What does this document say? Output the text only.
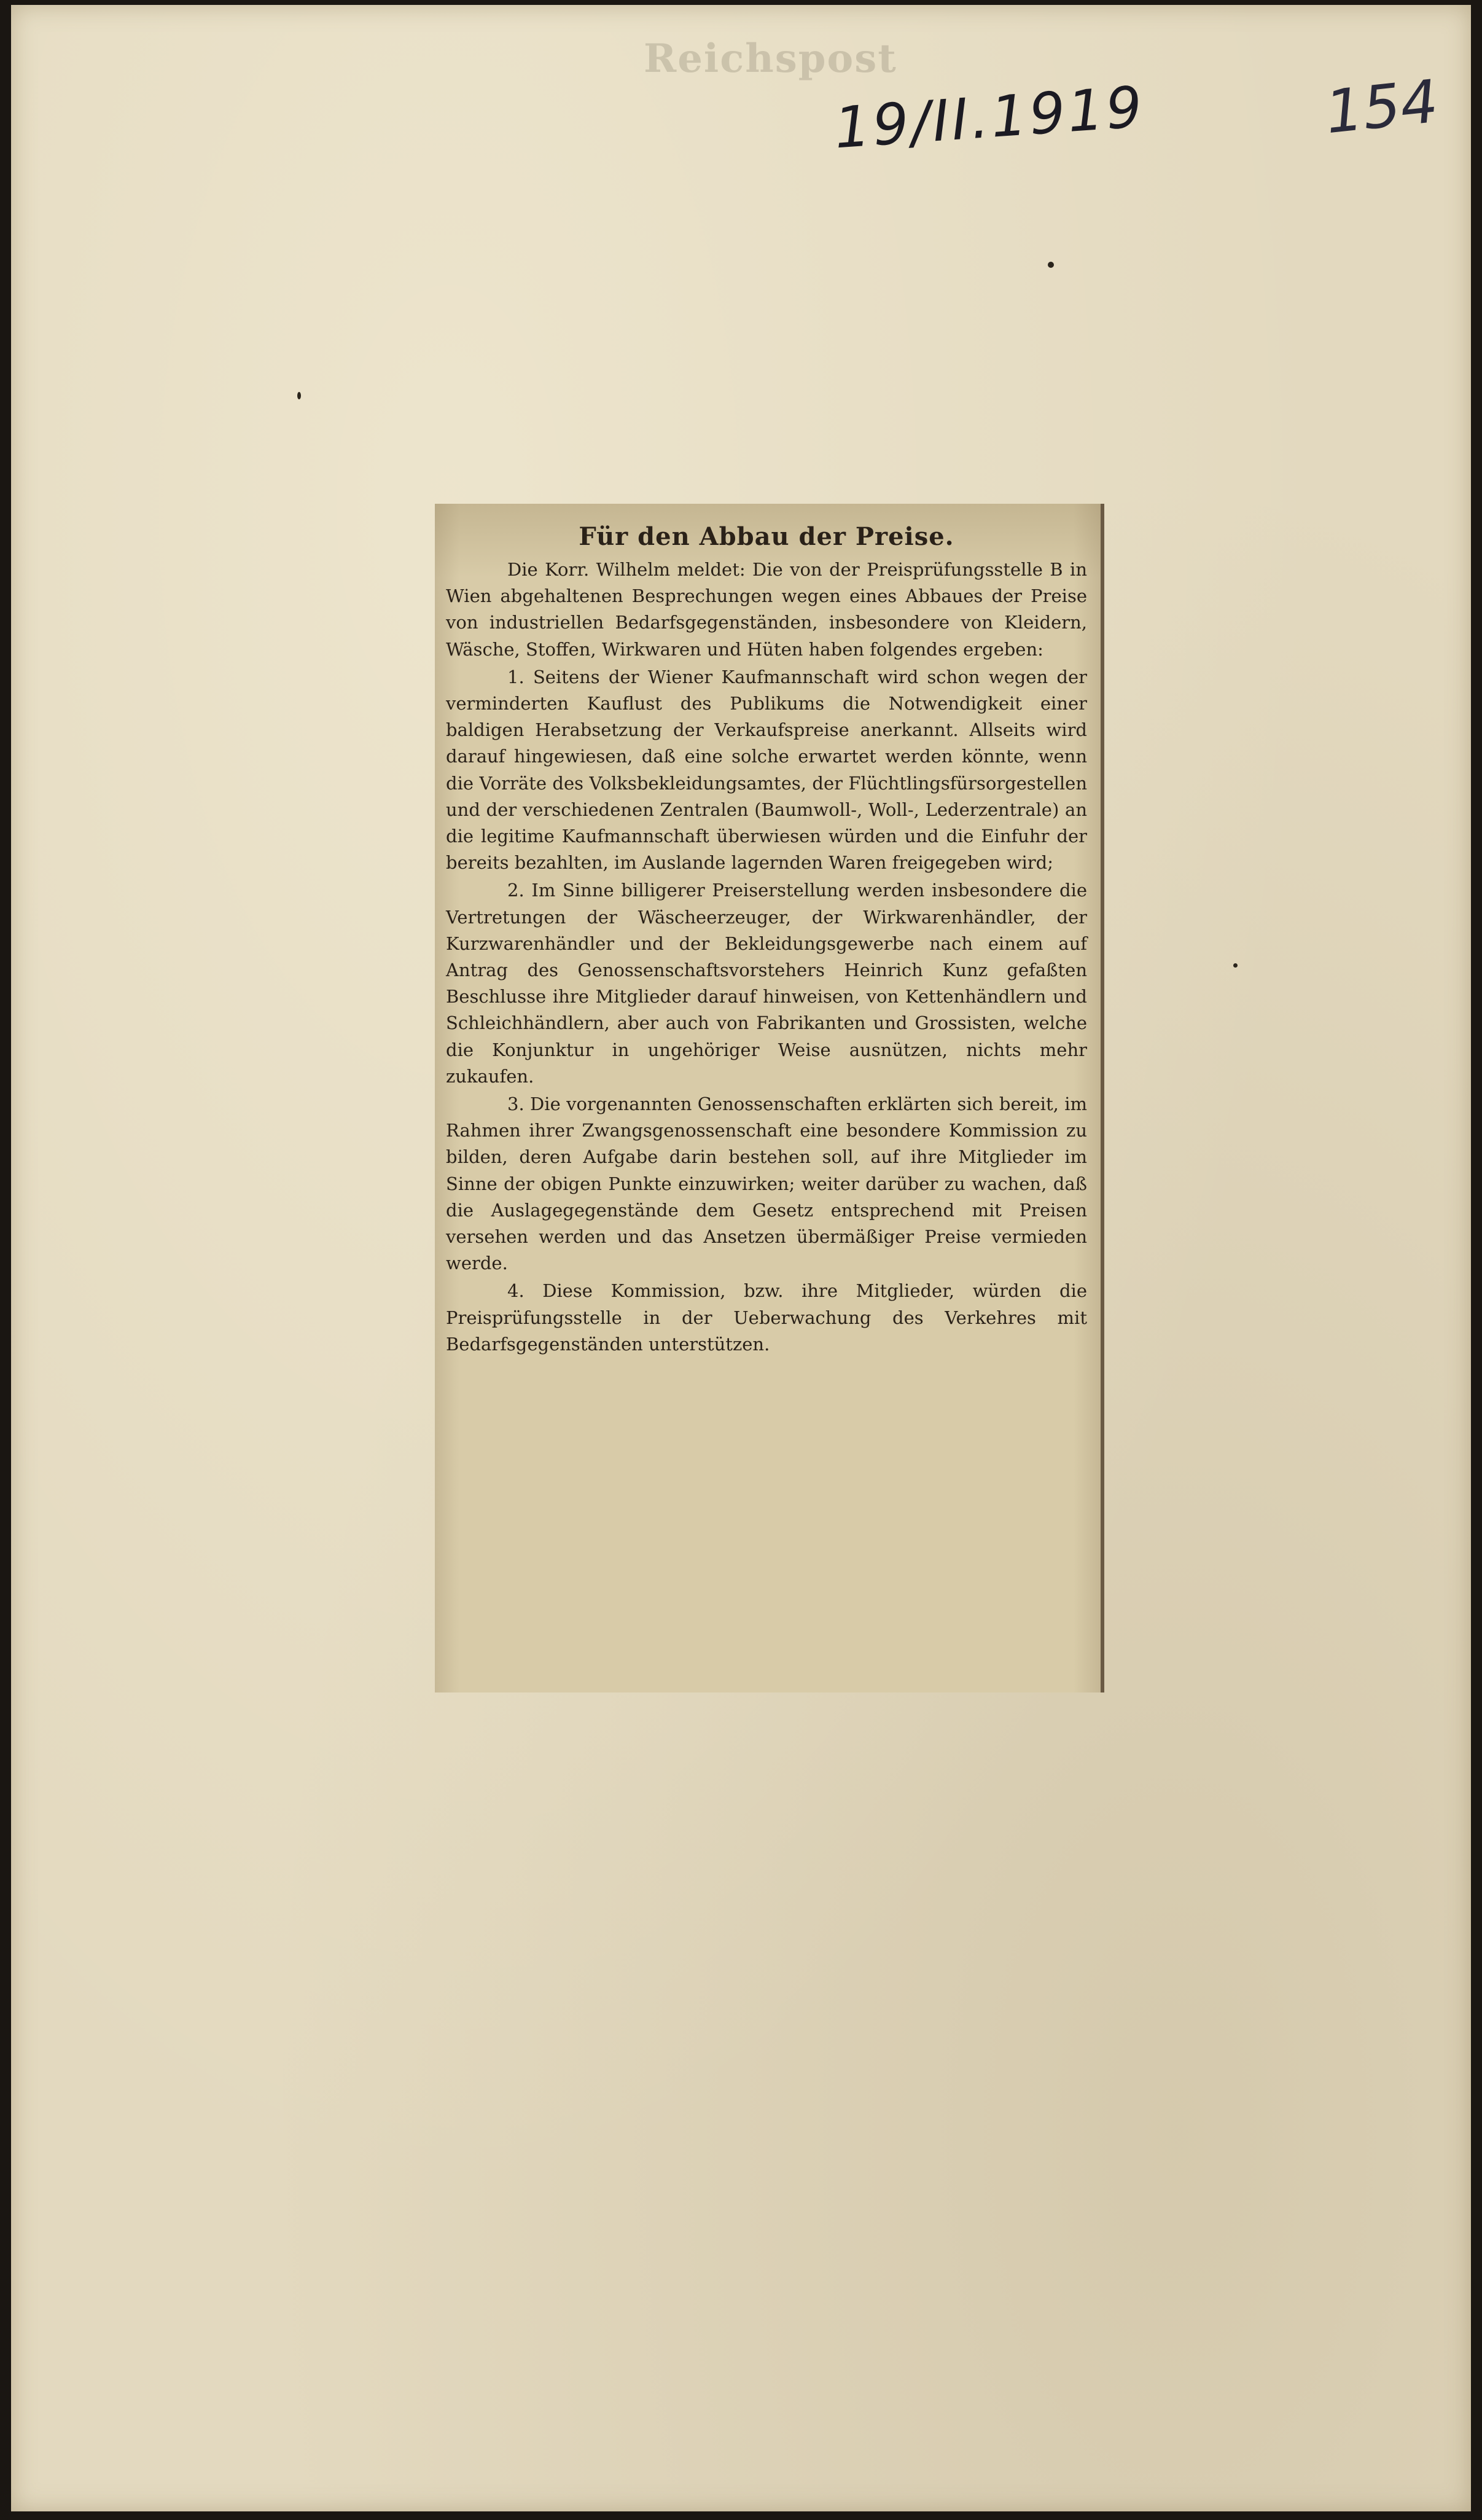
Reichspost
19/II.1919	154
Für den Abbau der Preise.

Die Korr. Wilhelm meldet: Die von der Preisprüfungsstelle B in Wien abgehaltenen Besprechungen wegen eines Abbaues der Preise von industriellen Bedarfsgegenständen, insbesondere von Kleidern, Wäsche, Stoffen, Wirkwaren und Hüten haben folgendes ergeben:

1. Seitens der Wiener Kaufmannschaft wird schon wegen der verminderten Kauflust des Publikums die Notwendigkeit einer baldigen Herabsetzung der Verkaufspreise anerkannt. Allseits wird darauf hingewiesen, daß eine solche erwartet werden könnte, wenn die Vorräte des Volksbekleidungsamtes, der Flüchtlingsfürsorgestellen und der verschiedenen Zentralen (Baumwoll-, Woll-, Lederzentrale) an die legitime Kaufmannschaft überwiesen würden und die Einfuhr der bereits bezahlten, im Auslande lagernden Waren freigegeben wird;

2. Im Sinne billigerer Preiserstellung werden insbesondere die Vertretungen der Wäscheerzeuger, der Wirkwarenhändler, der Kurzwarenhändler und der Bekleidungsgewerbe nach einem auf Antrag des Genossenschaftsvorstehers Heinrich Kunz gefaßten Beschlusse ihre Mitglieder darauf hinweisen, von Kettenhändlern und Schleichhändlern, aber auch von Fabrikanten und Grossisten, welche die Konjunktur in ungehöriger Weise ausnützen, nichts mehr zukaufen.

3. Die vorgenannten Genossenschaften erklärten sich bereit, im Rahmen ihrer Zwangsgenossenschaft eine besondere Kommission zu bilden, deren Aufgabe darin bestehen soll, auf ihre Mitglieder im Sinne der obigen Punkte einzuwirken; weiter darüber zu wachen, daß die Auslagegegenstände dem Gesetz entsprechend mit Preisen versehen werden und das Ansetzen übermäßiger Preise vermieden werde.

4. Diese Kommission, bzw. ihre Mitglieder, würden die Preisprüfungsstelle in der Ueberwachung des Verkehres mit Bedarfsgegenständen unterstützen.
